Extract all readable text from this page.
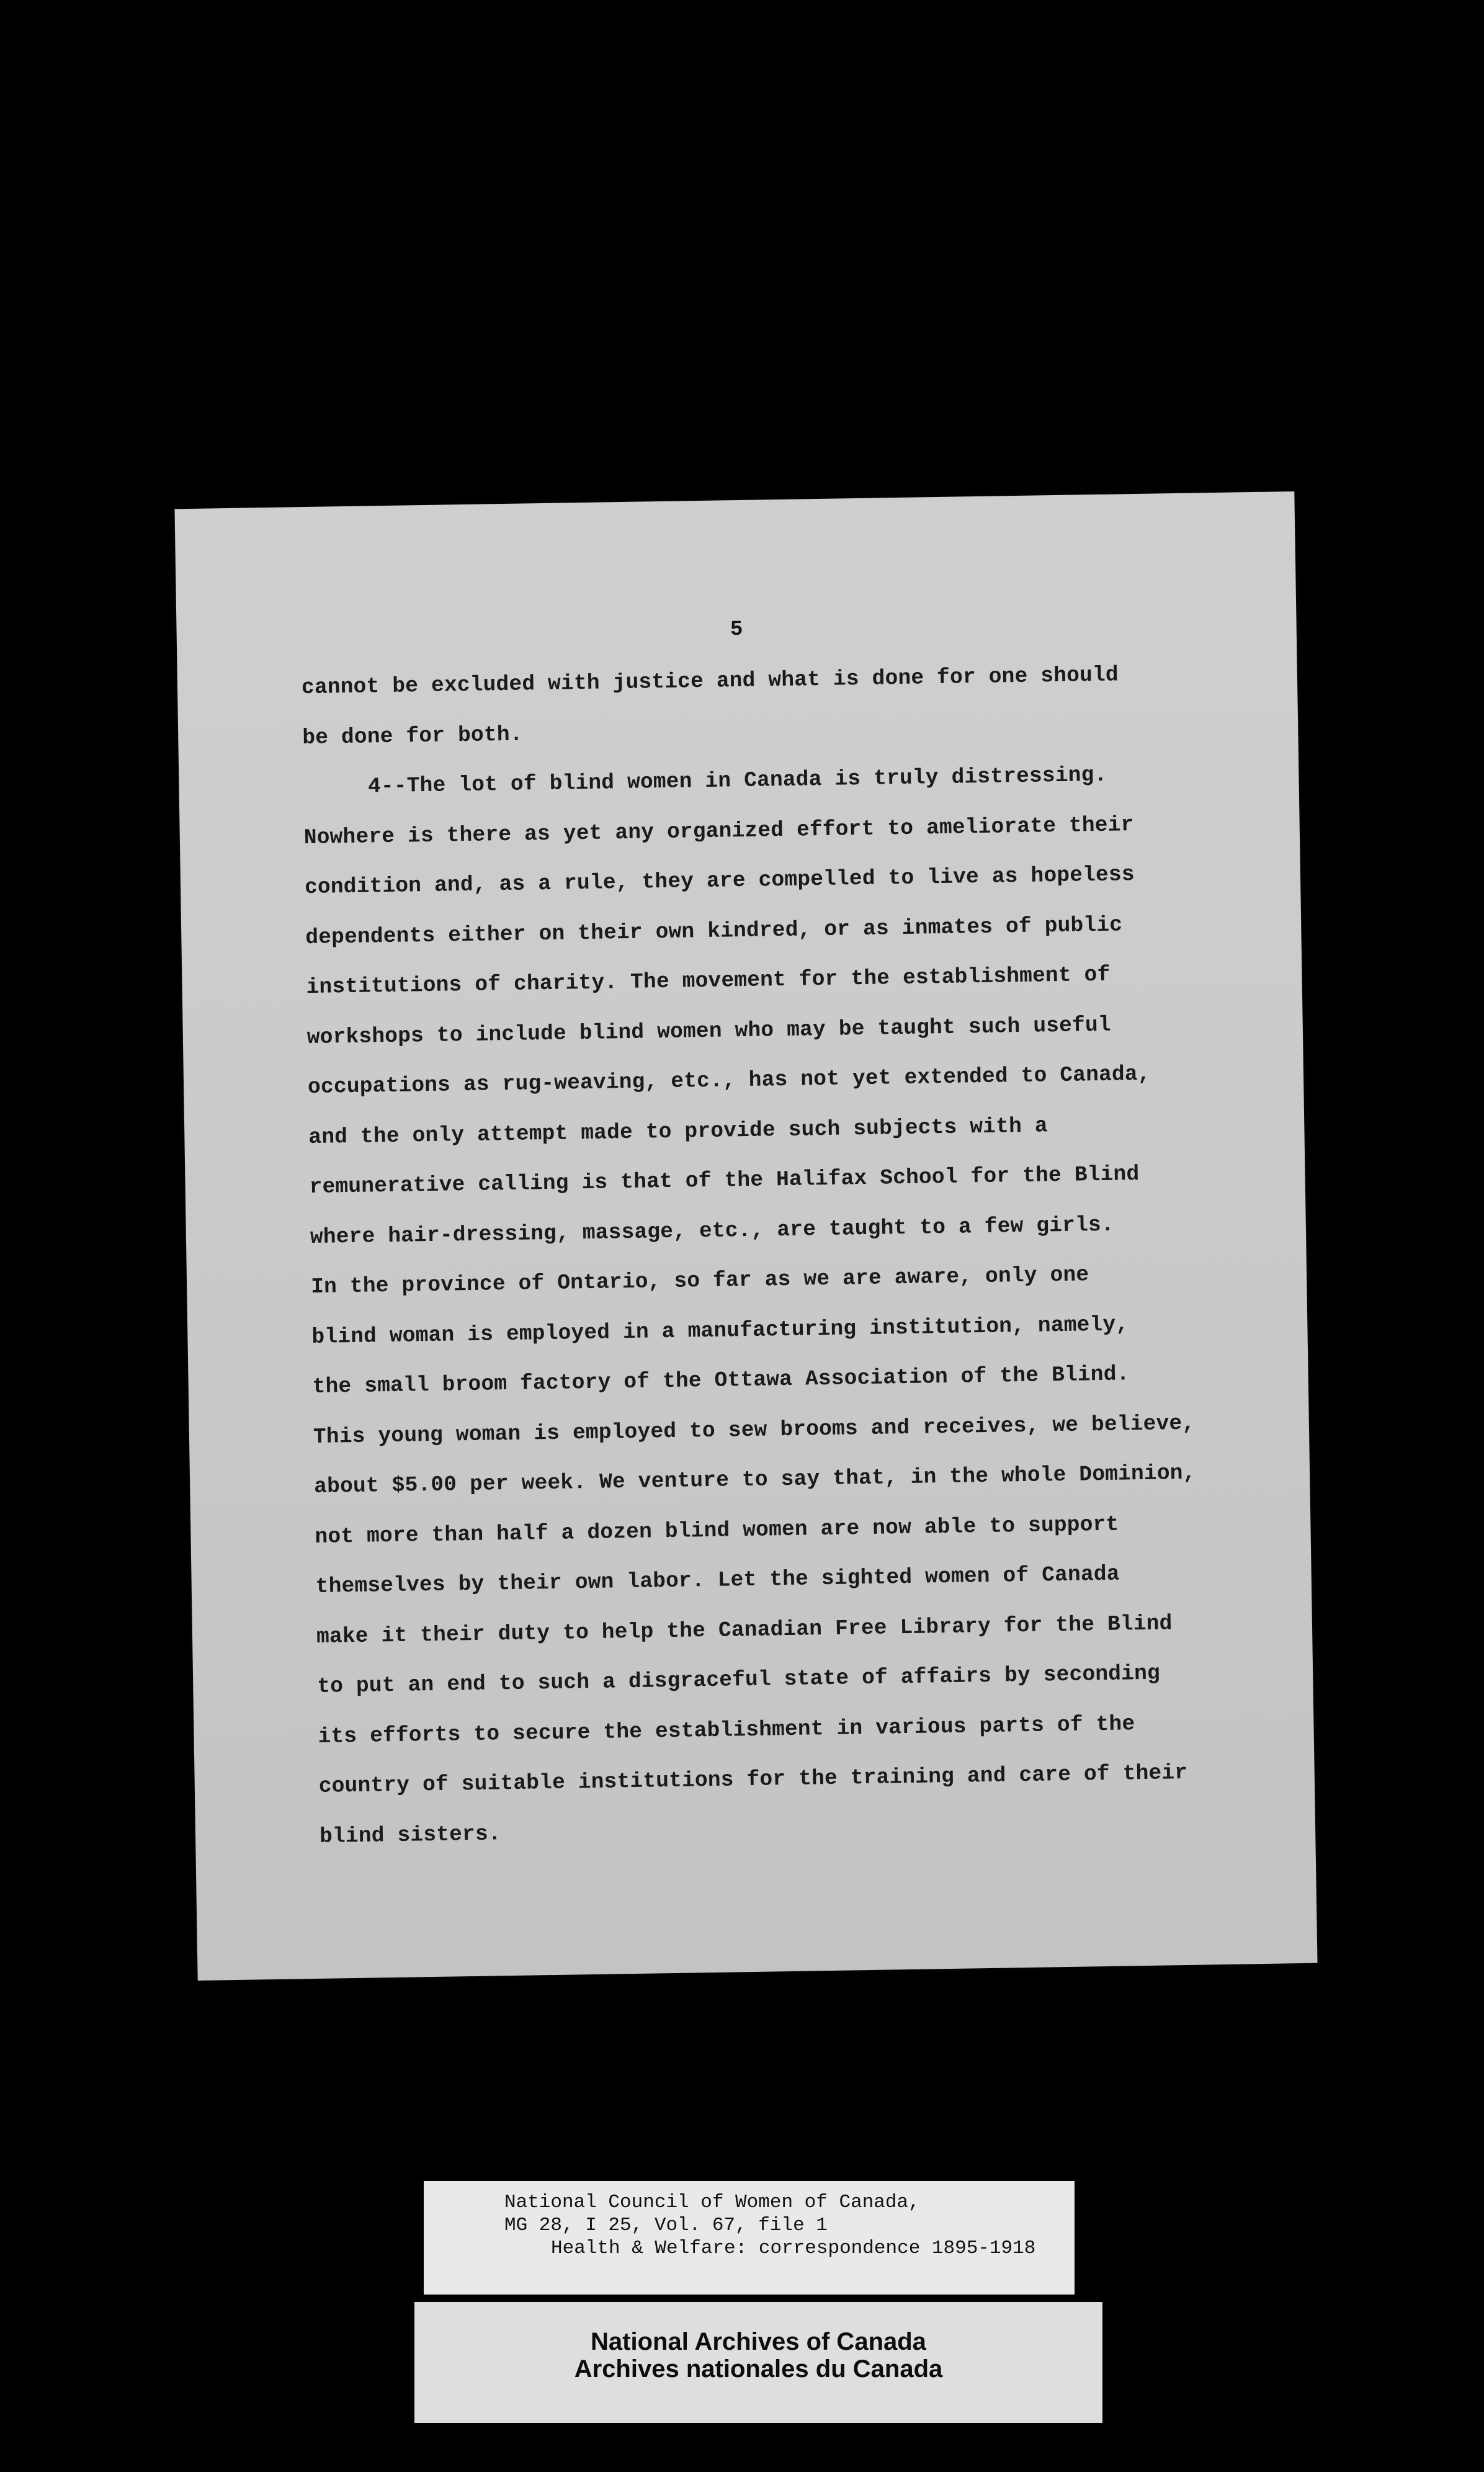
5
cannot be excluded with justice and what is done for one should
be done for both.
4--The lot of blind women in Canada is truly distressing.
Nowhere is there as yet any organized effort to ameliorate their
condition and, as a rule, they are compelled to live as hopeless
dependents either on their own kindred, or as inmates of public
institutions of charity. The movement for the establishment of
workshops to include blind women who may be taught such useful
occupations as rug-weaving, etc., has not yet extended to Canada,
and the only attempt made to provide such subjects with a
remunerative calling is that of the Halifax School for the Blind
where hair-dressing, massage, etc., are taught to a few girls.
In the province of Ontario, so far as we are aware, only one
blind woman is employed in a manufacturing institution, namely,
the small broom factory of the Ottawa Association of the Blind.
This young woman is employed to sew brooms and receives, we believe,
about $5.00 per week. We venture to say that, in the whole Dominion,
not more than half a dozen blind women are now able to support
themselves by their own labor. Let the sighted women of Canada
make it their duty to help the Canadian Free Library for the Blind
to put an end to such a disgraceful state of affairs by seconding
its efforts to secure the establishment in various parts of the
country of suitable institutions for the training and care of their
blind sisters.
National Council of Women of Canada,
MG 28, I 25, Vol. 67, file 1
Health & Welfare: correspondence 1895-1918
National Archives of Canada
Archives nationales du Canada
